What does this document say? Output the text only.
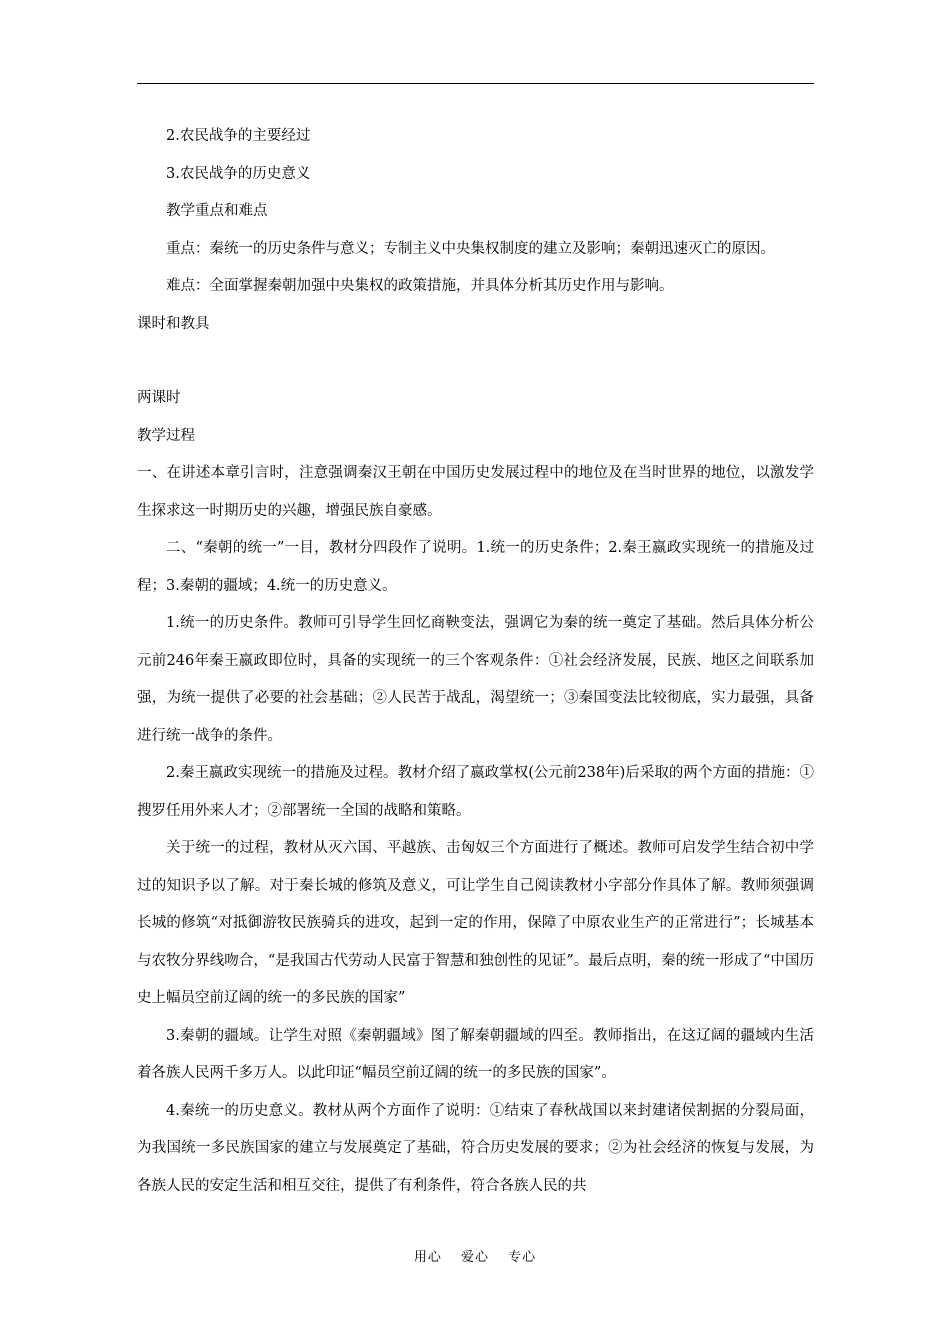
2.农民战争的主要经过

3.农民战争的历史意义

教学重点和难点

重点：秦统一的历史条件与意义；专制主义中央集权制度的建立及影响；秦朝迅速灭亡的原因。

难点：全面掌握秦朝加强中央集权的政策措施，并具体分析其历史作用与影响。

课时和教具

两课时

教学过程

一、在讲述本章引言时，注意强调秦汉王朝在中国历史发展过程中的地位及在当时世界的地位，以激发学生探求这一时期历史的兴趣，增强民族自豪感。

二、“秦朝的统一”一目，教材分四段作了说明。1.统一的历史条件；2.秦王嬴政实现统一的措施及过程；3.秦朝的疆域；4.统一的历史意义。

1.统一的历史条件。教师可引导学生回忆商鞅变法，强调它为秦的统一奠定了基础。然后具体分析公元前246年秦王嬴政即位时，具备的实现统一的三个客观条件：①社会经济发展，民族、地区之间联系加强，为统一提供了必要的社会基础；②人民苦于战乱，渴望统一；③秦国变法比较彻底，实力最强，具备进行统一战争的条件。

2.秦王嬴政实现统一的措施及过程。教材介绍了嬴政掌权(公元前238年)后采取的两个方面的措施：①搜罗任用外来人才；②部署统一全国的战略和策略。

关于统一的过程，教材从灭六国、平越族、击匈奴三个方面进行了概述。教师可启发学生结合初中学过的知识予以了解。对于秦长城的修筑及意义，可让学生自己阅读教材小字部分作具体了解。教师须强调长城的修筑“对抵御游牧民族骑兵的进攻，起到一定的作用，保障了中原农业生产的正常进行”；长城基本与农牧分界线吻合，“是我国古代劳动人民富于智慧和独创性的见证”。最后点明，秦的统一形成了“中国历史上幅员空前辽阔的统一的多民族的国家”

3.秦朝的疆域。让学生对照《秦朝疆域》图了解秦朝疆域的四至。教师指出，在这辽阔的疆域内生活着各族人民两千多万人。以此印证“幅员空前辽阔的统一的多民族的国家”。

4.秦统一的历史意义。教材从两个方面作了说明：①结束了春秋战国以来封建诸侯割据的分裂局面，为我国统一多民族国家的建立与发展奠定了基础，符合历史发展的要求；②为社会经济的恢复与发展，为各族人民的安定生活和相互交往，提供了有利条件，符合各族人民的共

用心 爱心 专心
